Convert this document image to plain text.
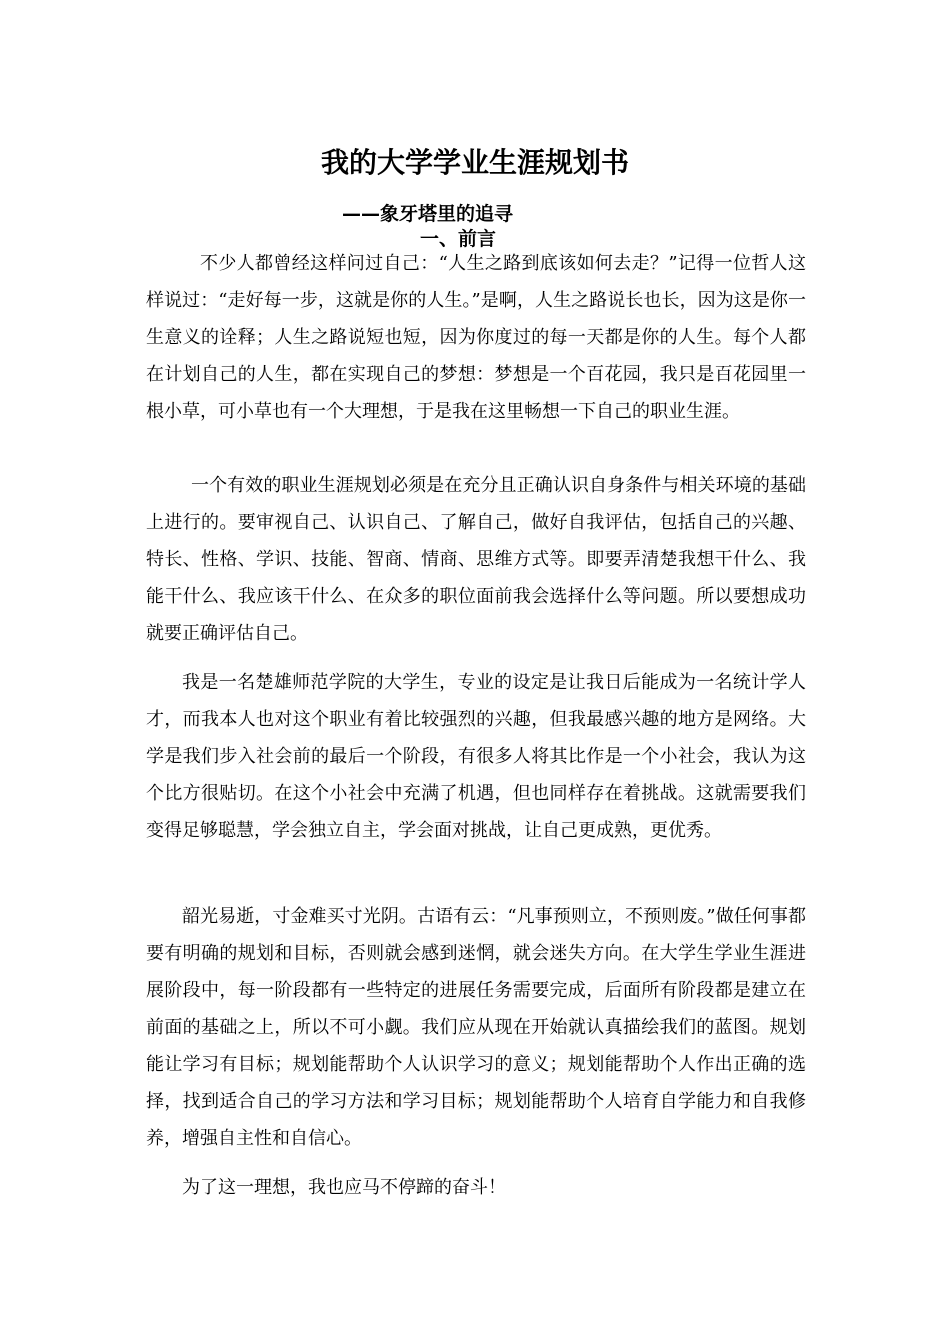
我的大学学业生涯规划书
——象牙塔里的追寻
一、前言

不少人都曾经这样问过自己：“人生之路到底该如何去走？”记得一位哲人这样说过：“走好每一步，这就是你的人生。”是啊，人生之路说长也长，因为这是你一生意义的诠释；人生之路说短也短，因为你度过的每一天都是你的人生。每个人都在计划自己的人生，都在实现自己的梦想：梦想是一个百花园，我只是百花园里一根小草，可小草也有一个大理想，于是我在这里畅想一下自己的职业生涯。

一个有效的职业生涯规划必须是在充分且正确认识自身条件与相关环境的基础上进行的。要审视自己、认识自己、了解自己，做好自我评估，包括自己的兴趣、特长、性格、学识、技能、智商、情商、思维方式等。即要弄清楚我想干什么、我能干什么、我应该干什么、在众多的职位面前我会选择什么等问题。所以要想成功就要正确评估自己。

我是一名楚雄师范学院的大学生，专业的设定是让我日后能成为一名统计学人才，而我本人也对这个职业有着比较强烈的兴趣，但我最感兴趣的地方是网络。大学是我们步入社会前的最后一个阶段，有很多人将其比作是一个小社会，我认为这个比方很贴切。在这个小社会中充满了机遇，但也同样存在着挑战。这就需要我们变得足够聪慧，学会独立自主，学会面对挑战，让自己更成熟，更优秀。

韶光易逝，寸金难买寸光阴。古语有云：“凡事预则立，不预则废。”做任何事都要有明确的规划和目标，否则就会感到迷惘，就会迷失方向。在大学生学业生涯进展阶段中，每一阶段都有一些特定的进展任务需要完成，后面所有阶段都是建立在前面的基础之上，所以不可小觑。我们应从现在开始就认真描绘我们的蓝图。规划能让学习有目标；规划能帮助个人认识学习的意义；规划能帮助个人作出正确的选择，找到适合自己的学习方法和学习目标；规划能帮助个人培育自学能力和自我修养，增强自主性和自信心。

为了这一理想，我也应马不停蹄的奋斗！
